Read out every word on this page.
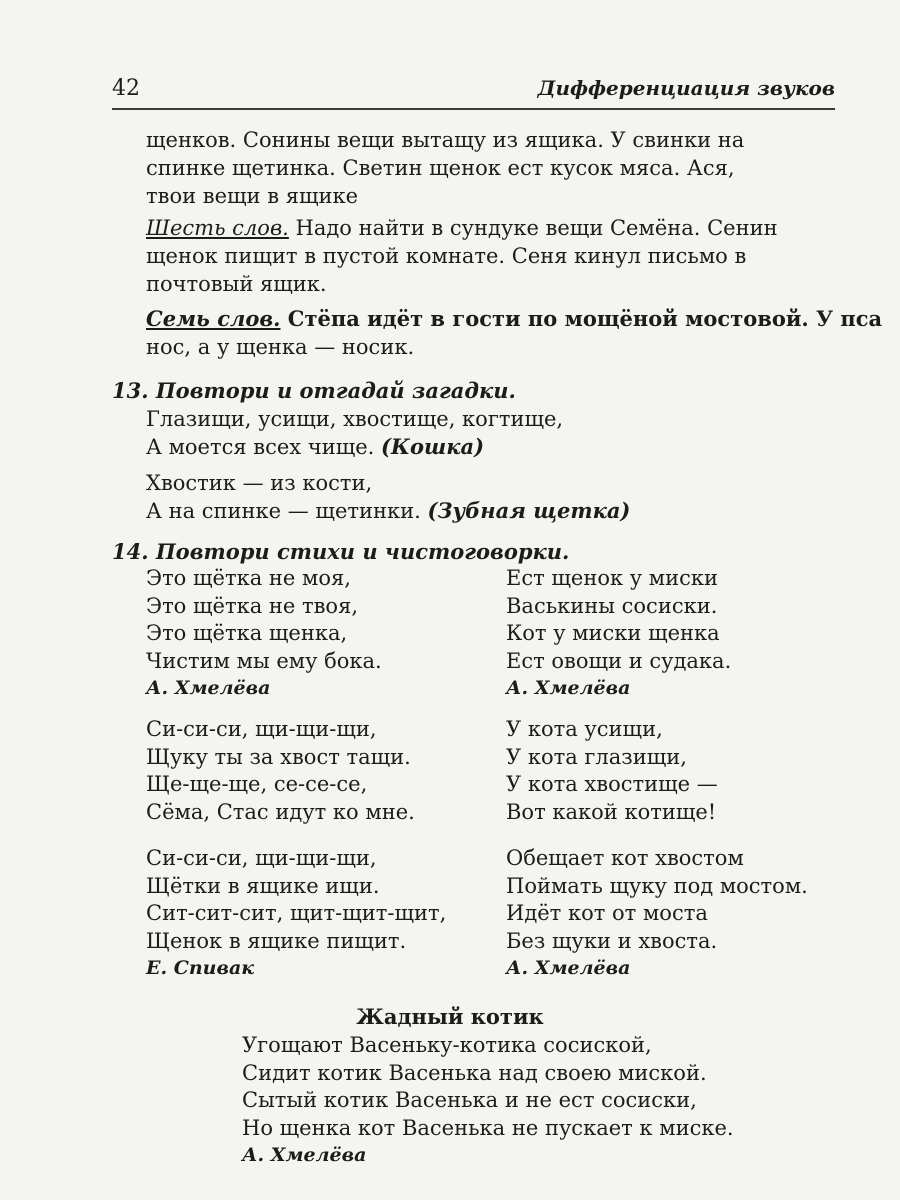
42	Дифференциация звуков
щенков. Сонины вещи вытащу из ящика. У свинки на
спинке щетинка. Светин щенок ест кусок мяса. Ася,
твои вещи в ящике
Шесть слов. Надо найти в сундуке вещи Семёна. Сенин
щенок пищит в пустой комнате. Сеня кинул письмо в
почтовый ящик.
Семь слов. Стёпа идёт в гости по мощёной мостовой. У пса
нос, а у щенка — носик.
13. Повтори и отгадай загадки.
Глазищи, усищи, хвостище, когтище,
А моется всех чище. (Кошка)
Хвостик — из кости,
А на спинке — щетинки. (Зубная щетка)
14. Повтори стихи и чистоговорки.
Это щётка не моя,
Это щётка не твоя,
Это щётка щенка,
Чистим мы ему бока.
А. Хмелёва
Ест щенок у миски
Васькины сосиски.
Кот у миски щенка
Ест овощи и судака.
А. Хмелёва
Си-си-си, щи-щи-щи,
Щуку ты за хвост тащи.
Ще-ще-ще, се-се-се,
Сёма, Стас идут ко мне.
У кота усищи,
У кота глазищи,
У кота хвостище —
Вот какой котище!
Си-си-си, щи-щи-щи,
Щётки в ящике ищи.
Сит-сит-сит, щит-щит-щит,
Щенок в ящике пищит.
Е. Спивак
Обещает кот хвостом
Поймать щуку под мостом.
Идёт кот от моста
Без щуки и хвоста.
А. Хмелёва
Жадный котик
Угощают Васеньку-котика сосиской,
Сидит котик Васенька над своею миской.
Сытый котик Васенька и не ест сосиски,
Но щенка кот Васенька не пускает к миске.
А. Хмелёва
